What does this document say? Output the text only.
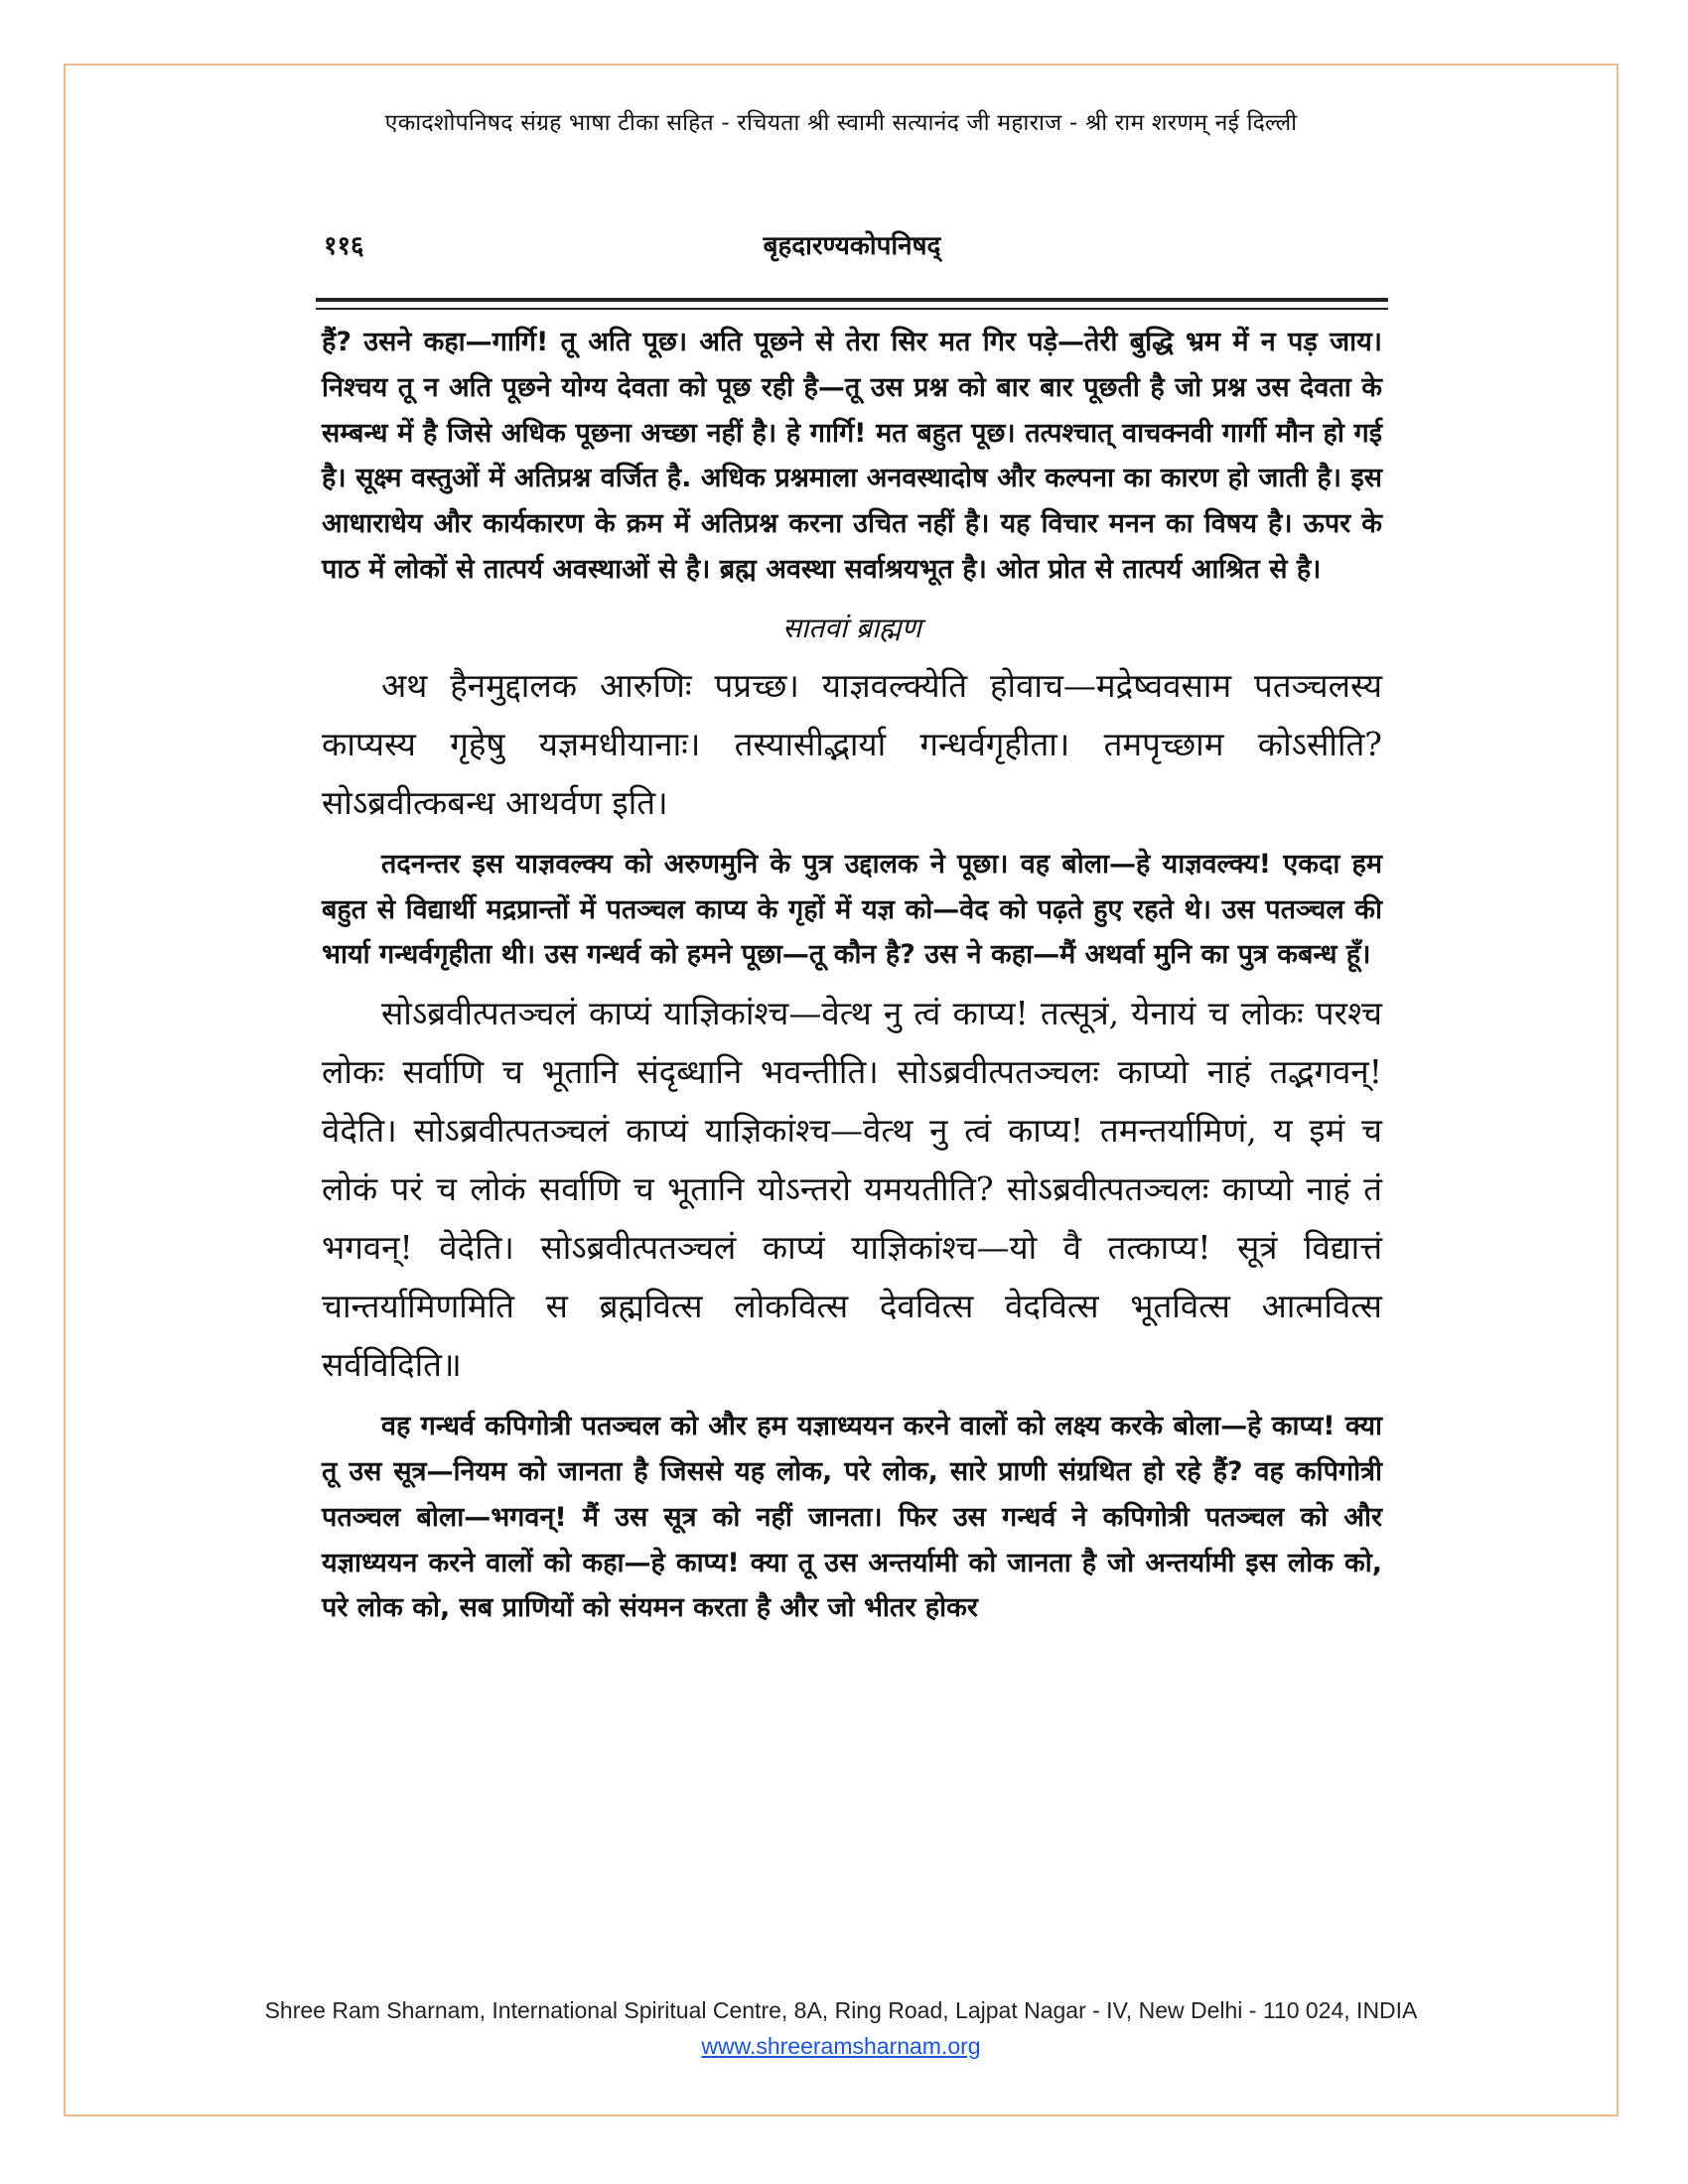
एकादशोपनिषद संग्रह भाषा टीका सहित - रचियता श्री स्वामी सत्यानंद जी महाराज - श्री राम शरणम् नई दिल्ली
११६	बृहदारण्यकोपनिषद्

हैं? उसने कहा—गार्गि! तू अति पूछ। अति पूछने से तेरा सिर मत गिर पड़े—तेरी बुद्धि भ्रम में न पड़ जाय। निश्चय तू न अति पूछने योग्य देवता को पूछ रही है—तू उस प्रश्न को बार बार पूछती है जो प्रश्न उस देवता के सम्बन्ध में है जिसे अधिक पूछना अच्छा नहीं है। हे गार्गि! मत बहुत पूछ। तत्पश्चात् वाचक्नवी गार्गी मौन हो गई है। सूक्ष्म वस्तुओं में अतिप्रश्न वर्जित है. अधिक प्रश्नमाला अनवस्थादोष और कल्पना का कारण हो जाती है। इस आधाराधेय और कार्यकारण के क्रम में अतिप्रश्न करना उचित नहीं है। यह विचार मनन का विषय है। ऊपर के पाठ में लोकों से तात्पर्य अवस्थाओं से है। ब्रह्म अवस्था सर्वाश्रयभूत है। ओत प्रोत से तात्पर्य आश्रित से है।

सातवां ब्राह्मण

अथ हैनमुद्दालक आरुणिः पप्रच्छ। याज्ञवल्क्येति होवाच—मद्रेष्ववसाम पतञ्चलस्य काप्यस्य गृहेषु यज्ञमधीयानाः। तस्यासीद्भार्या गन्धर्वगृहीता। तमपृच्छाम कोऽसीति? सोऽब्रवीत्कबन्ध आथर्वण इति।

तदनन्तर इस याज्ञवल्क्य को अरुणमुनि के पुत्र उद्दालक ने पूछा। वह बोला—हे याज्ञवल्क्य! एकदा हम बहुत से विद्यार्थी मद्रप्रान्तों में पतञ्चल काप्य के गृहों में यज्ञ को—वेद को पढ़ते हुए रहते थे। उस पतञ्चल की भार्या गन्धर्वगृहीता थी। उस गन्धर्व को हमने पूछा—तू कौन है? उस ने कहा—मैं अथर्वा मुनि का पुत्र कबन्ध हूँ।

सोऽब्रवीत्पतञ्चलं काप्यं याज्ञिकांश्च—वेत्थ नु त्वं काप्य! तत्सूत्रं, येनायं च लोकः परश्च लोकः सर्वाणि च भूतानि संदृब्धानि भवन्तीति। सोऽब्रवीत्पतञ्चलः काप्यो नाहं तद्भगवन्! वेदेति। सोऽब्रवीत्पतञ्चलं काप्यं याज्ञिकांश्च—वेत्थ नु त्वं काप्य! तमन्तर्यामिणं, य इमं च लोकं परं च लोकं सर्वाणि च भूतानि योऽन्तरो यमयतीति? सोऽब्रवीत्पतञ्चलः काप्यो नाहं तं भगवन्! वेदेति। सोऽब्रवीत्पतञ्चलं काप्यं याज्ञिकांश्च—यो वै तत्काप्य! सूत्रं विद्यात्तं चान्तर्यामिणमिति स ब्रह्मवित्स लोकवित्स देववित्स वेदवित्स भूतवित्स आत्मवित्स सर्वविदिति॥

वह गन्धर्व कपिगोत्री पतञ्चल को और हम यज्ञाध्ययन करने वालों को लक्ष्य करके बोला—हे काप्य! क्या तू उस सूत्र—नियम को जानता है जिससे यह लोक, परे लोक, सारे प्राणी संग्रथित हो रहे हैं? वह कपिगोत्री पतञ्चल बोला—भगवन्! मैं उस सूत्र को नहीं जानता। फिर उस गन्धर्व ने कपिगोत्री पतञ्चल को और यज्ञाध्ययन करने वालों को कहा—हे काप्य! क्या तू उस अन्तर्यामी को जानता है जो अन्तर्यामी इस लोक को, परे लोक को, सब प्राणियों को संयमन करता है और जो भीतर होकर

Shree Ram Sharnam, International Spiritual Centre, 8A, Ring Road, Lajpat Nagar - IV, New Delhi - 110 024, INDIA
www.shreeramsharnam.org
